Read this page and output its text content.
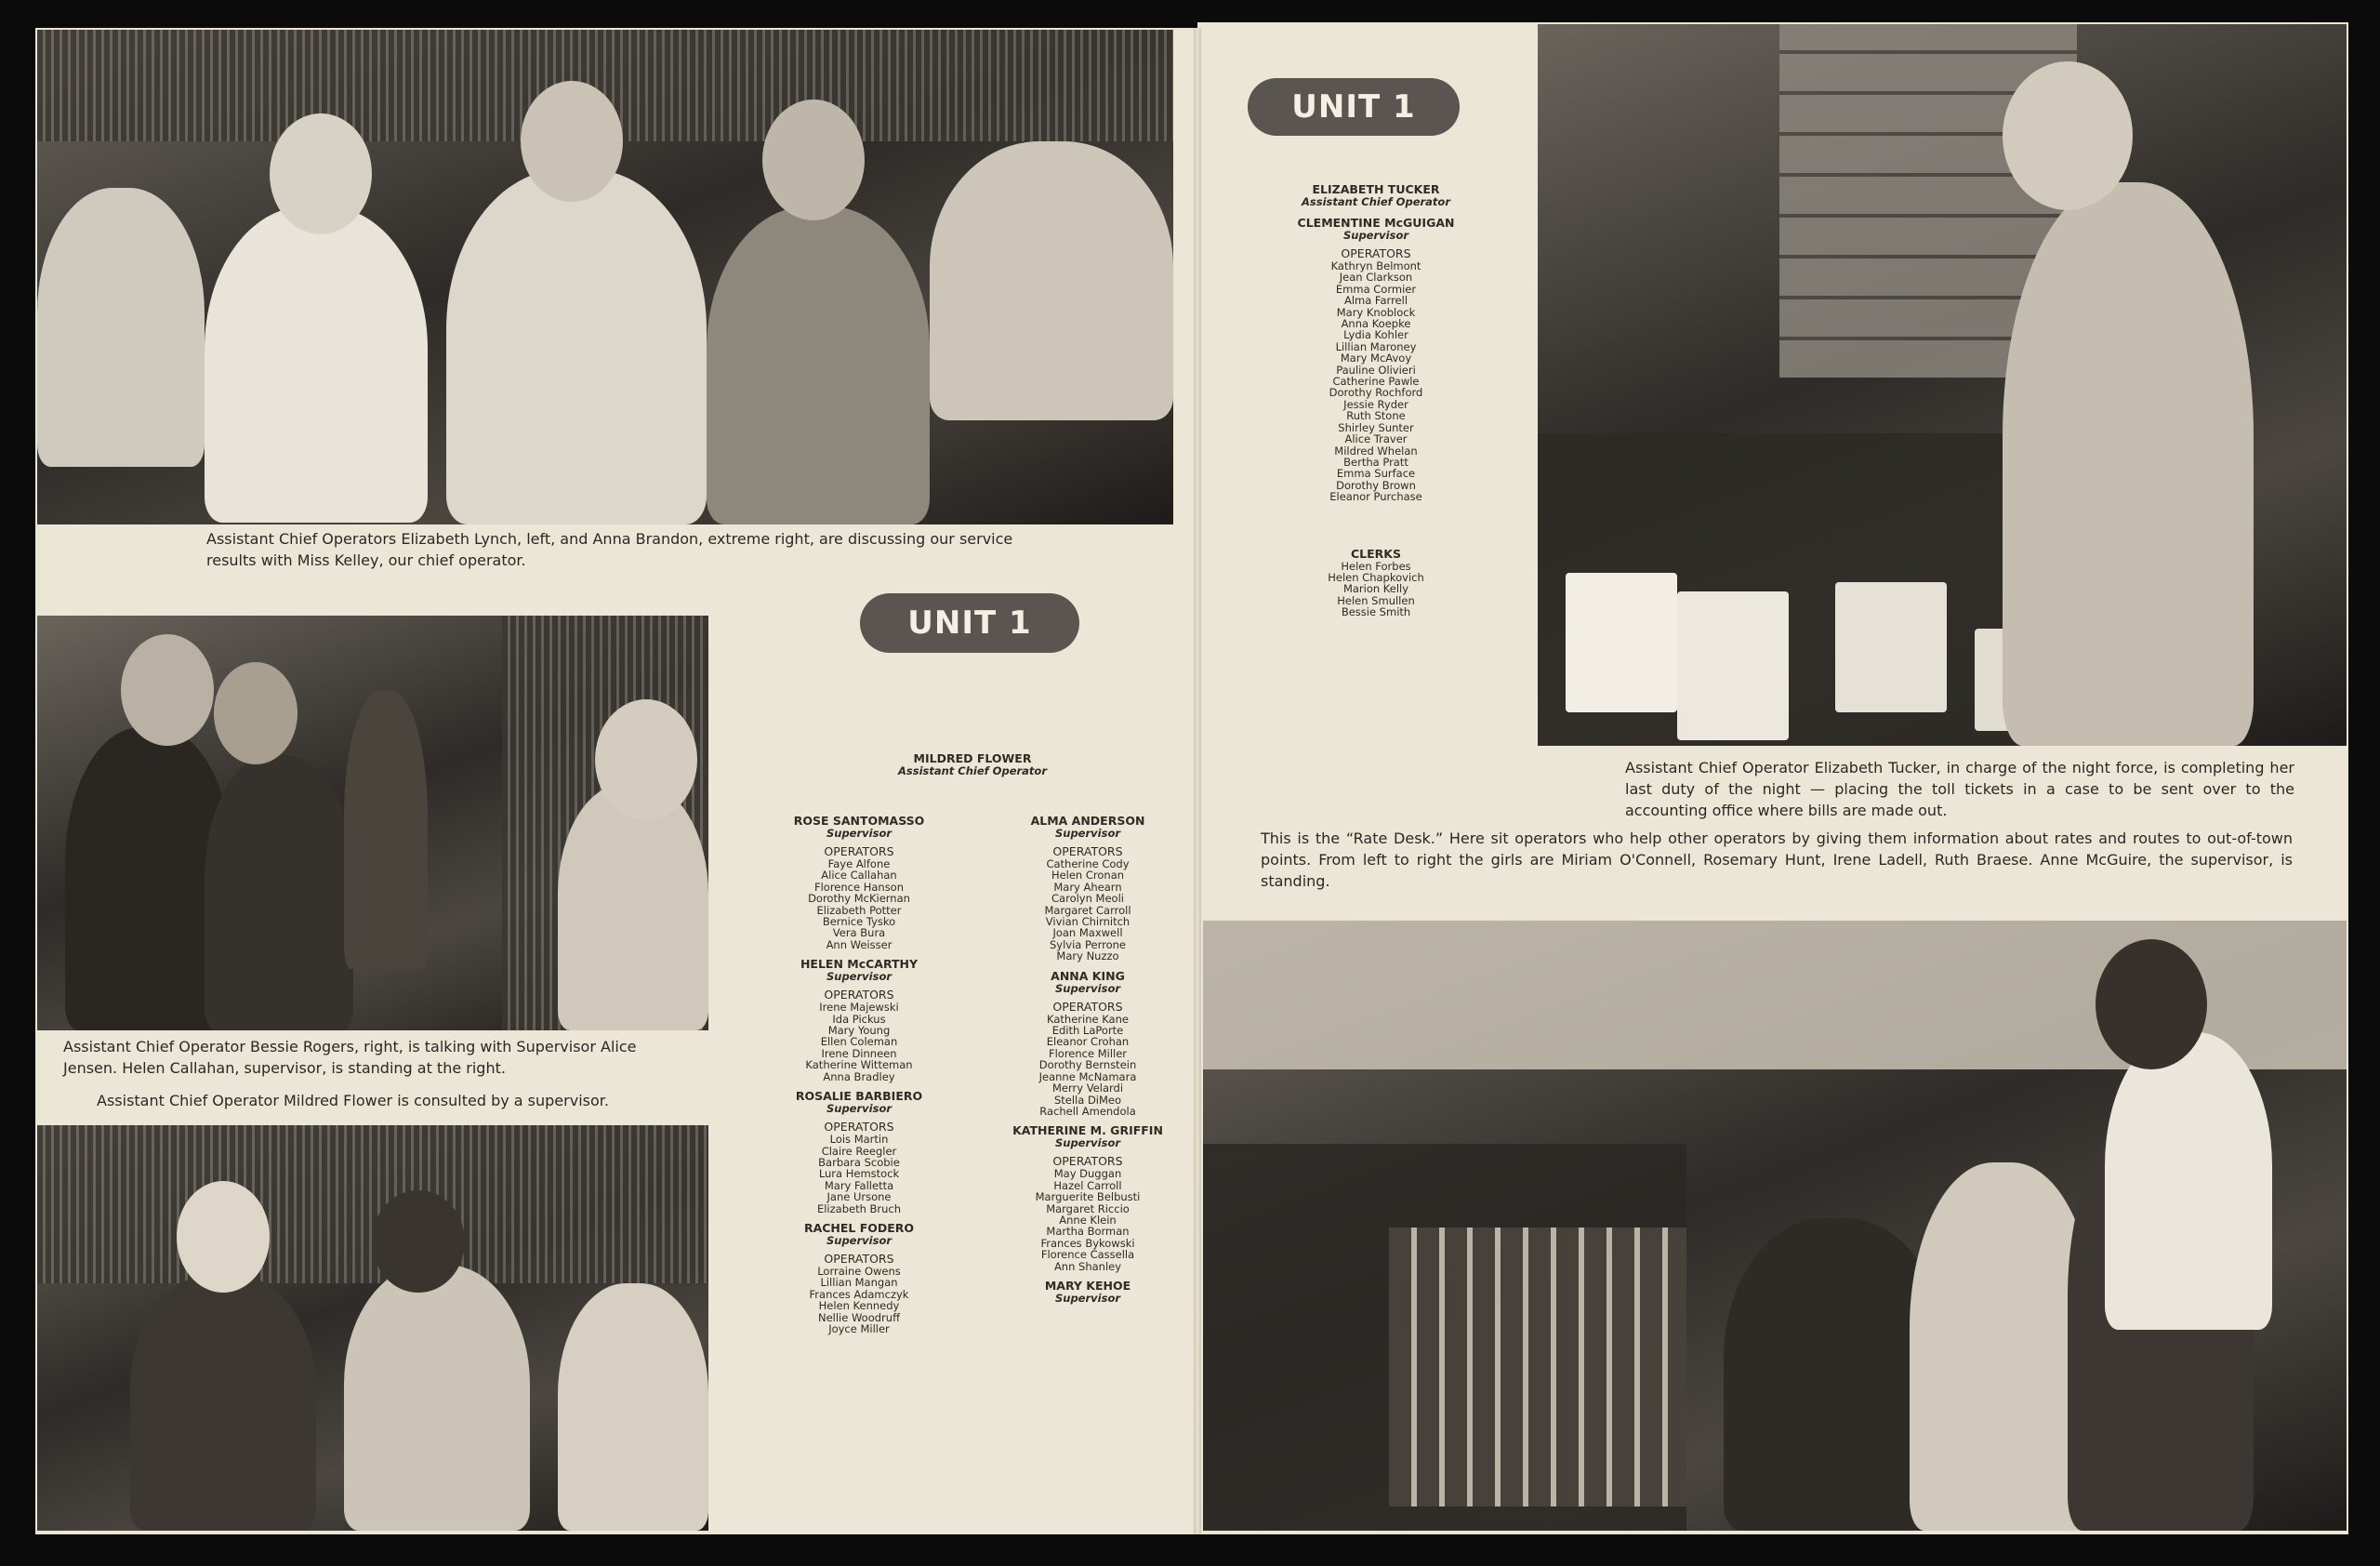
Assistant Chief Operators Elizabeth Lynch, left, and Anna Brandon, extreme right, are discussing our service results with Miss Kelley, our chief operator.
Assistant Chief Operator Bessie Rogers, right, is talking with Supervisor Alice Jensen. Helen Callahan, supervisor, is standing at the right.
Assistant Chief Operator Mildred Flower is consulted by a supervisor.
UNIT 1
MILDRED FLOWER
Assistant Chief Operator
ROSE SANTOMASSO
Supervisor
OPERATORS
Faye Alfone
Alice Callahan
Florence Hanson
Dorothy McKiernan
Elizabeth Potter
Bernice Tysko
Vera Bura
Ann Weisser
HELEN McCARTHY
Supervisor
OPERATORS
Irene Majewski
Ida Pickus
Mary Young
Ellen Coleman
Irene Dinneen
Katherine Witteman
Anna Bradley
ROSALIE BARBIERO
Supervisor
OPERATORS
Lois Martin
Claire Reegler
Barbara Scobie
Lura Hemstock
Mary Falletta
Jane Ursone
Elizabeth Bruch
RACHEL FODERO
Supervisor
OPERATORS
Lorraine Owens
Lillian Mangan
Frances Adamczyk
Helen Kennedy
Nellie Woodruff
Joyce Miller
ALMA ANDERSON
Supervisor
OPERATORS
Catherine Cody
Helen Cronan
Mary Ahearn
Carolyn Meoli
Margaret Carroll
Vivian Chirnitch
Joan Maxwell
Sylvia Perrone
Mary Nuzzo
ANNA KING
Supervisor
OPERATORS
Katherine Kane
Edith LaPorte
Eleanor Crohan
Florence Miller
Dorothy Bernstein
Jeanne McNamara
Merry Velardi
Stella DiMeo
Rachell Amendola
KATHERINE M. GRIFFIN
Supervisor
OPERATORS
May Duggan
Hazel Carroll
Marguerite Belbusti
Margaret Riccio
Anne Klein
Martha Borman
Frances Bykowski
Florence Cassella
Ann Shanley
MARY KEHOE
Supervisor
UNIT 1
ELIZABETH TUCKER
Assistant Chief Operator
CLEMENTINE McGUIGAN
Supervisor
OPERATORS
Kathryn Belmont
Jean Clarkson
Emma Cormier
Alma Farrell
Mary Knoblock
Anna Koepke
Lydia Kohler
Lillian Maroney
Mary McAvoy
Pauline Olivieri
Catherine Pawle
Dorothy Rochford
Jessie Ryder
Ruth Stone
Shirley Sunter
Alice Traver
Mildred Whelan
Bertha Pratt
Emma Surface
Dorothy Brown
Eleanor Purchase
CLERKS
Helen Forbes
Helen Chapkovich
Marion Kelly
Helen Smullen
Bessie Smith
Assistant Chief Operator Elizabeth Tucker, in charge of the night force, is completing her last duty of the night — placing the toll tickets in a case to be sent over to the accounting office where bills are made out.
This is the “Rate Desk.” Here sit operators who help other operators by giving them information about rates and routes to out-of-town points. From left to right the girls are Miriam O'Connell, Rosemary Hunt, Irene Ladell, Ruth Braese. Anne McGuire, the supervisor, is standing.
